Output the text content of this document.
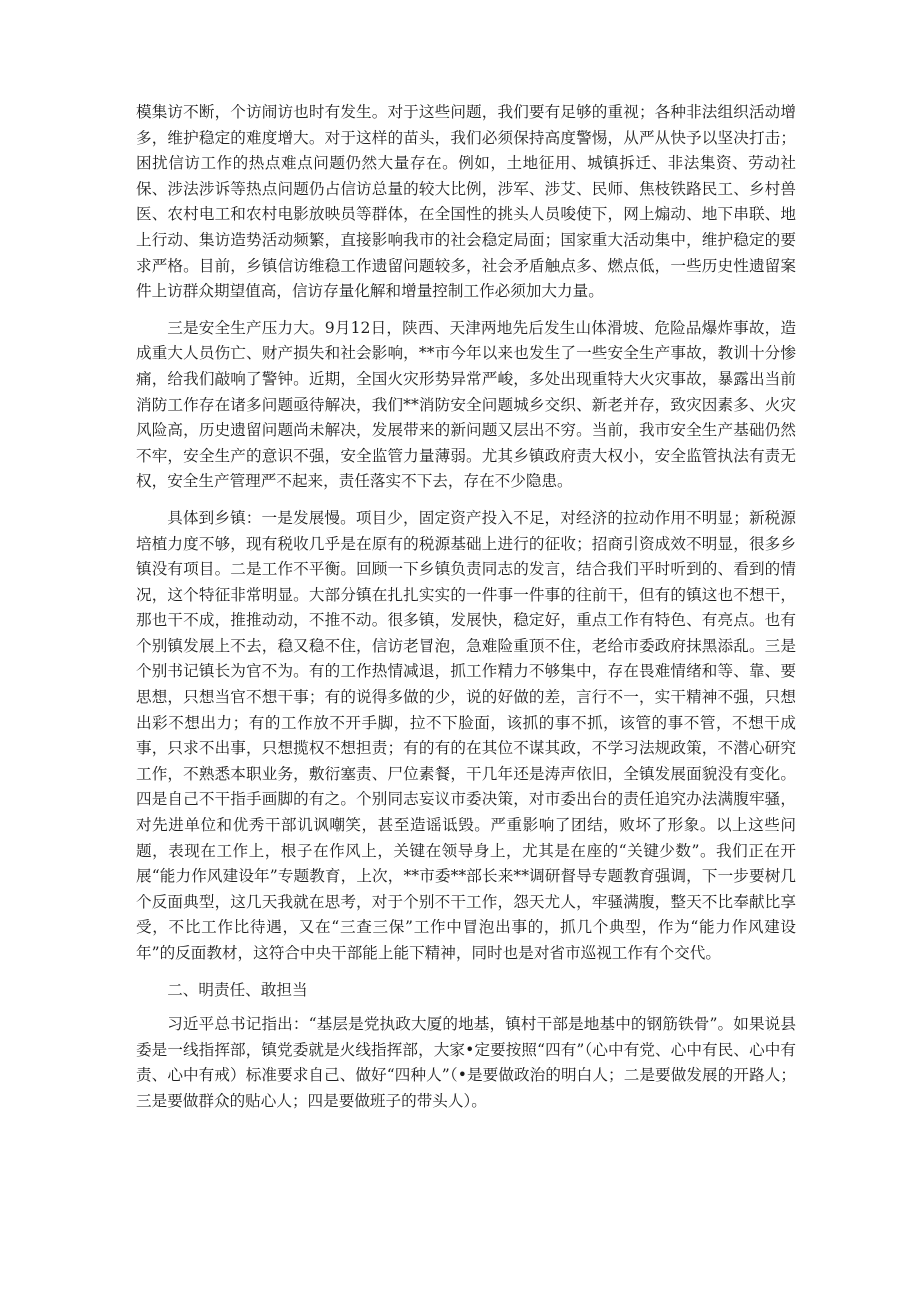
模集访不断，个访闹访也时有发生。对于这些问题，我们要有足够的重视；各种非法组织活动增多，维护稳定的难度增大。对于这样的苗头，我们必须保持高度警惕，从严从快予以坚决打击；困扰信访工作的热点难点问题仍然大量存在。例如，土地征用、城镇拆迁、非法集资、劳动社保、涉法涉诉等热点问题仍占信访总量的较大比例，涉军、涉艾、民师、焦枝铁路民工、乡村兽医、农村电工和农村电影放映员等群体，在全国性的挑头人员唆使下，网上煽动、地下串联、地上行动、集访造势活动频繁，直接影响我市的社会稳定局面；国家重大活动集中，维护稳定的要求严格。目前，乡镇信访维稳工作遗留问题较多，社会矛盾触点多、燃点低，一些历史性遗留案件上访群众期望值高，信访存量化解和增量控制工作必须加大力量。

三是安全生产压力大。9月12日，陕西、天津两地先后发生山体滑坡、危险品爆炸事故，造成重大人员伤亡、财产损失和社会影响，**市今年以来也发生了一些安全生产事故，教训十分惨痛，给我们敲响了警钟。近期，全国火灾形势异常严峻，多处出现重特大火灾事故，暴露出当前消防工作存在诸多问题亟待解决，我们**消防安全问题城乡交织、新老并存，致灾因素多、火灾风险高，历史遗留问题尚未解决，发展带来的新问题又层出不穷。当前，我市安全生产基础仍然不牢，安全生产的意识不强，安全监管力量薄弱。尤其乡镇政府责大权小，安全监管执法有责无权，安全生产管理严不起来，责任落实不下去，存在不少隐患。

具体到乡镇：一是发展慢。项目少，固定资产投入不足，对经济的拉动作用不明显；新税源培植力度不够，现有税收几乎是在原有的税源基础上进行的征收；招商引资成效不明显，很多乡镇没有项目。二是工作不平衡。回顾一下乡镇负责同志的发言，结合我们平时听到的、看到的情况，这个特征非常明显。大部分镇在扎扎实实的一件事一件事的往前干，但有的镇这也不想干，那也干不成，推推动动，不推不动。很多镇，发展快，稳定好，重点工作有特色、有亮点。也有个别镇发展上不去，稳又稳不住，信访老冒泡，急难险重顶不住，老给市委政府抹黑添乱。三是个别书记镇长为官不为。有的工作热情减退，抓工作精力不够集中，存在畏难情绪和等、靠、要思想，只想当官不想干事；有的说得多做的少，说的好做的差，言行不一，实干精神不强，只想出彩不想出力；有的工作放不开手脚，拉不下脸面，该抓的事不抓，该管的事不管，不想干成事，只求不出事，只想揽权不想担责；有的有的在其位不谋其政，不学习法规政策，不潜心研究工作，不熟悉本职业务，敷衍塞责、尸位素餐，干几年还是涛声依旧，全镇发展面貌没有变化。四是自己不干指手画脚的有之。个别同志妄议市委决策，对市委出台的责任追究办法满腹牢骚，对先进单位和优秀干部讥讽嘲笑，甚至造谣诋毁。严重影响了团结，败坏了形象。以上这些问题，表现在工作上，根子在作风上，关键在领导身上，尤其是在座的“关键少数”。我们正在开展“能力作风建设年”专题教育，上次，**市委**部长来**调研督导专题教育强调，下一步要树几个反面典型，这几天我就在思考，对于个别不干工作，怨天尤人，牢骚满腹，整天不比奉献比享受，不比工作比待遇，又在“三查三保”工作中冒泡出事的，抓几个典型，作为“能力作风建设年”的反面教材，这符合中央干部能上能下精神，同时也是对省市巡视工作有个交代。

二、明责任、敢担当

习近平总书记指出：“基层是党执政大厦的地基，镇村干部是地基中的钢筋铁骨”。如果说县委是一线指挥部，镇党委就是火线指挥部，大家•定要按照“四有”（心中有党、心中有民、心中有责、心中有戒）标准要求自己、做好“四种人”（•是要做政治的明白人；二是要做发展的开路人；三是要做群众的贴心人；四是要做班子的带头人）。
